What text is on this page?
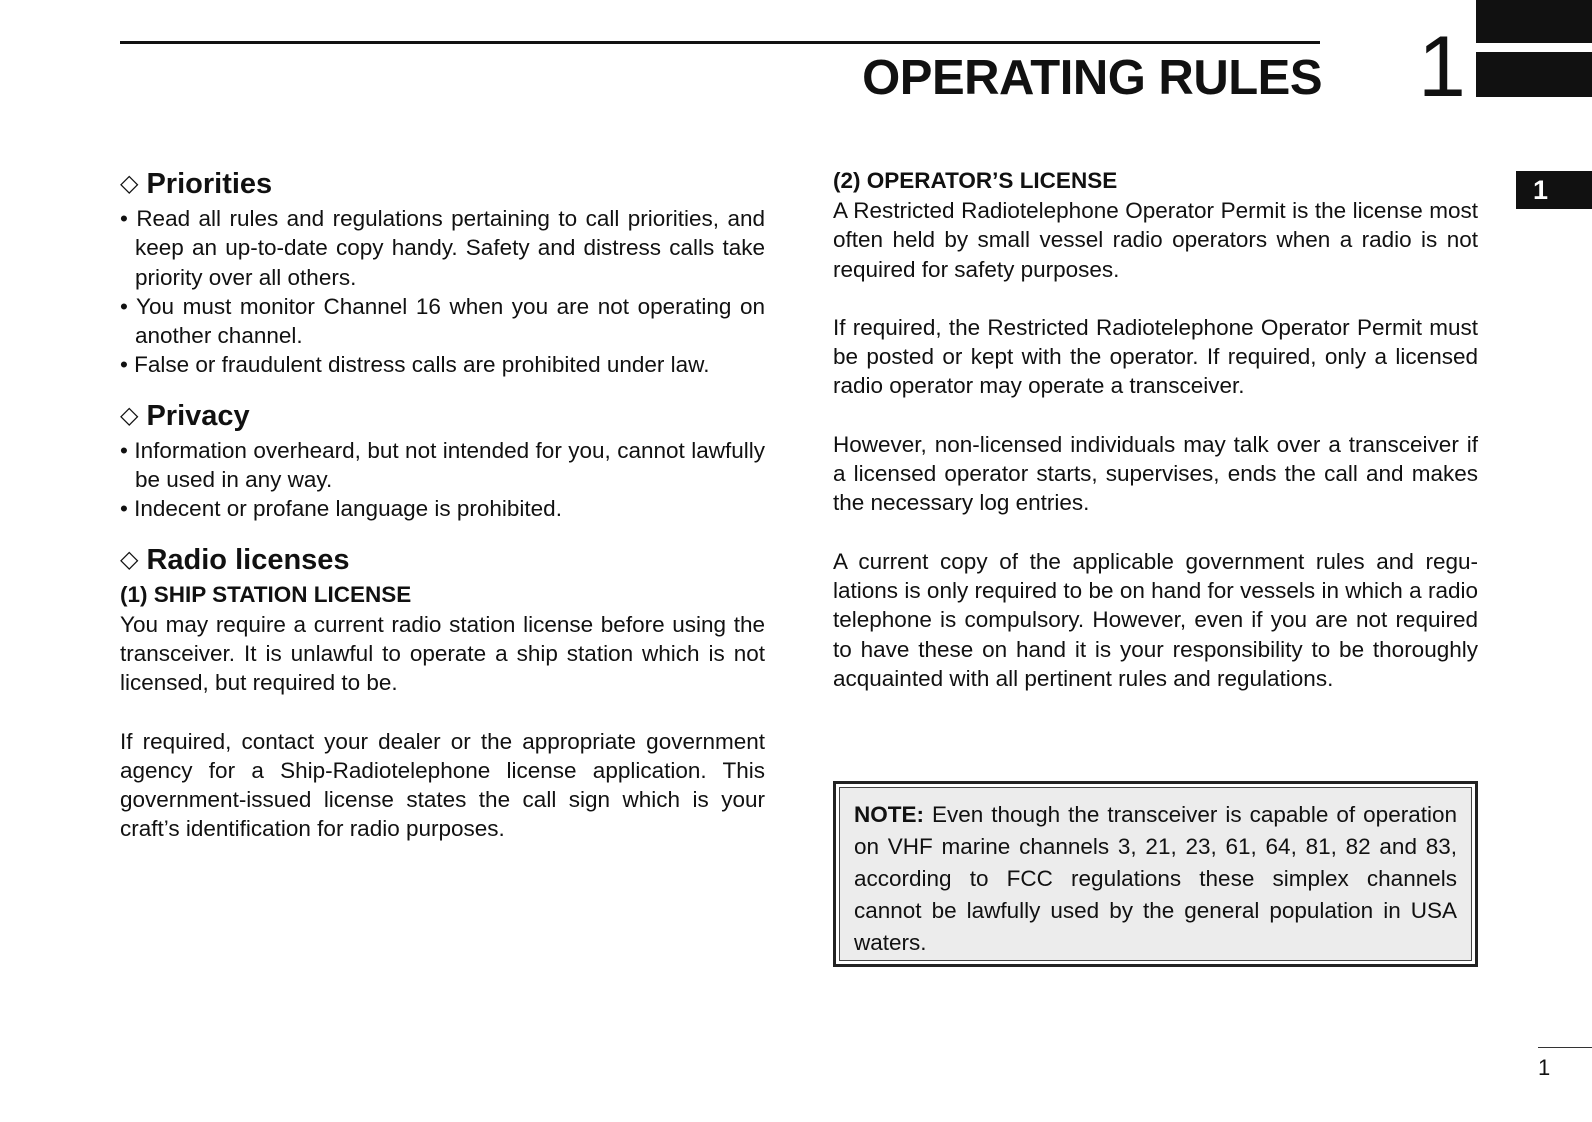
OPERATING RULES 1
1
◇ Priorities
• Read all rules and regulations pertaining to call priorities, and keep an up-to-date copy handy. Safety and distress calls take priority over all others.
• You must monitor Channel 16 when you are not operating on another channel.
• False or fraudulent distress calls are prohibited under law.
◇ Privacy
• Information overheard, but not intended for you, cannot lawfully be used in any way.
• Indecent or profane language is prohibited.
◇ Radio licenses
(1) SHIP STATION LICENSE

You may require a current radio station license before using the transceiver. It is unlawful to operate a ship station which is not licensed, but required to be.

If required, contact your dealer or the appropriate government agency for a Ship-Radiotelephone license application. This government-issued license states the call sign which is your craft’s identification for radio purposes.

(2) OPERATOR’S LICENSE

A Restricted Radiotelephone Operator Permit is the license most often held by small vessel radio operators when a radio is not required for safety purposes.

If required, the Restricted Radiotelephone Operator Permit must be posted or kept with the operator. If required, only a licensed radio operator may operate a transceiver.

However, non-licensed individuals may talk over a transceiver if a licensed operator starts, supervises, ends the call and makes the necessary log entries.

A current copy of the applicable government rules and regulations is only required to be on hand for vessels in which a radio telephone is compulsory. However, even if you are not required to have these on hand it is your responsibility to be thoroughly acquainted with all pertinent rules and regulations.

NOTE: Even though the transceiver is capable of operation on VHF marine channels 3, 21, 23, 61, 64, 81, 82 and 83, according to FCC regulations these simplex channels cannot be lawfully used by the general population in USA waters.
1
